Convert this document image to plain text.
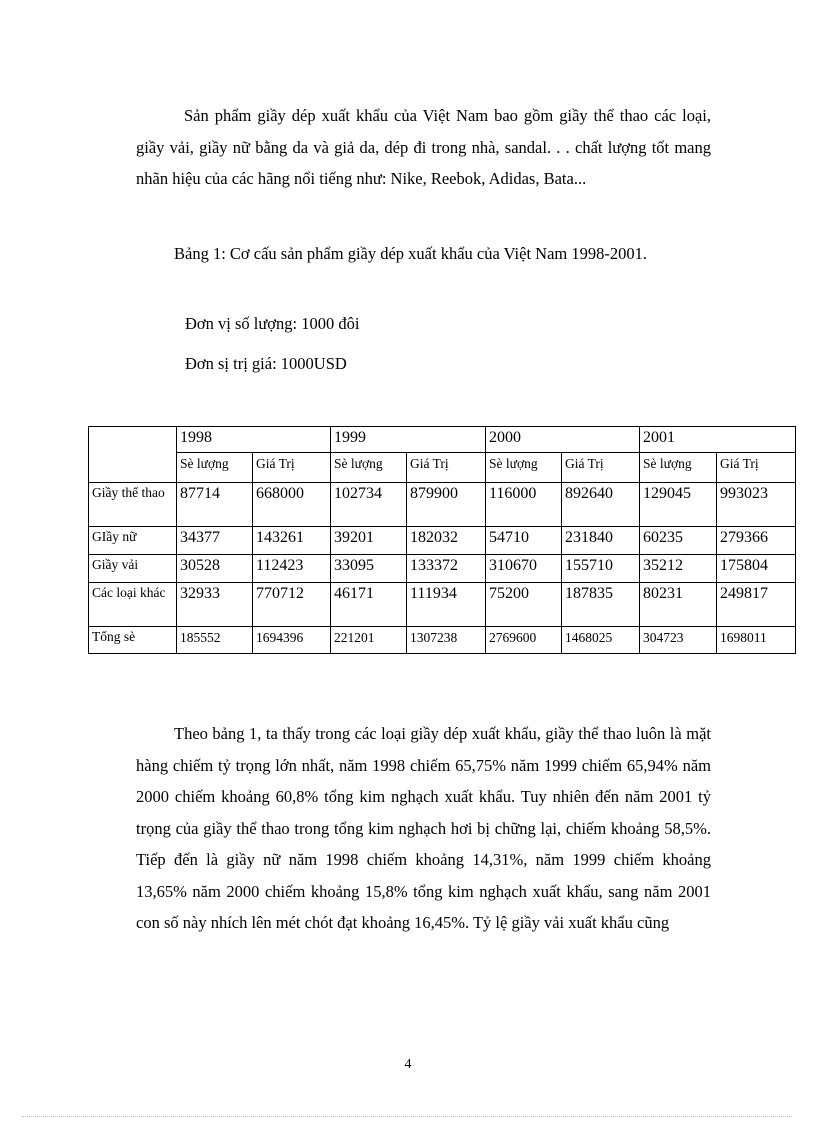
Sản phẩm giầy dép xuất khẩu của Việt Nam bao gồm giầy thể thao các loại, giầy vải, giầy nữ bằng da và giả da, dép đi trong nhà, sandal. . . chất lượng tốt mang nhãn hiệu của các hãng nổi tiếng như: Nike, Reebok, Adidas, Bata...

Bảng 1: Cơ cấu sản phẩm giầy dép xuất khẩu của Việt Nam 1998-2001.

Đơn vị số lượng: 1000 đôi

Đơn sị trị giá: 1000USD

	1998		1999		2000		2001	
	Sè lượng	Giá Trị	Sè lượng	Giá Trị	Sè lượng	Giá Trị	Sè lượng	Giá Trị
Giầy thể thao	87714	668000	102734	879900	116000	892640	129045	993023
GIầy nữ	34377	143261	39201	182032	54710	231840	60235	279366
Giầy vải	30528	112423	33095	133372	310670	155710	35212	175804
Các loại khác	32933	770712	46171	111934	75200	187835	80231	249817
Tổng sè	185552	1694396	221201	1307238	2769600	1468025	304723	1698011

Theo bảng 1, ta thấy trong các loại giầy dép xuất khẩu, giầy thể thao luôn là mặt hàng chiếm tỷ trọng lớn nhất, năm 1998 chiếm 65,75% năm 1999 chiếm 65,94% năm 2000 chiếm khoảng 60,8% tổng kim nghạch xuất khẩu. Tuy nhiên đến năm 2001 tỷ trọng của giầy thể thao trong tổng kim nghạch hơi bị chững lại, chiếm khoảng 58,5%. Tiếp đến là giầy nữ năm 1998 chiếm khoảng 14,31%, năm 1999 chiếm khoảng 13,65% năm 2000 chiếm khoảng 15,8% tổng kim nghạch xuất khẩu, sang năm 2001 con số này nhích lên mét chót đạt khoảng 16,45%. Tỷ lệ giầy vải xuất khẩu cũng

4
